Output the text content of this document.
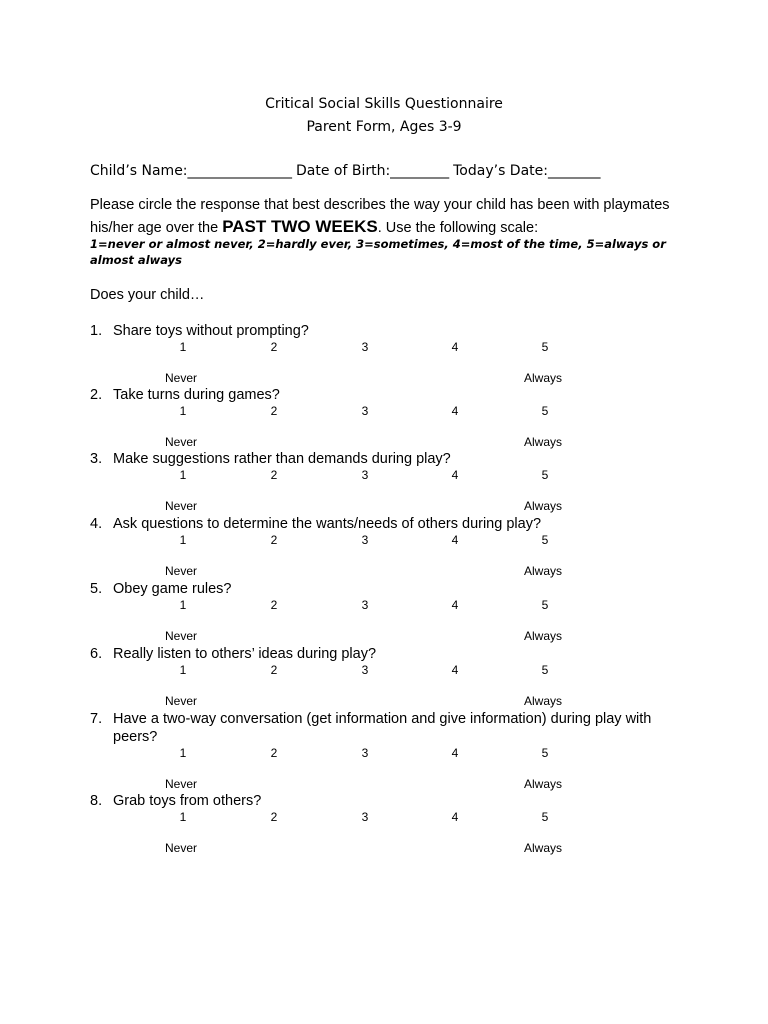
Critical Social Skills Questionnaire
Parent Form, Ages 3-9
Child’s Name:________________ Date of Birth:_________ Today’s Date:________
Please circle the response that best describes the way your child has been with playmates his/her age over the PAST TWO WEEKS. Use the following scale:
1=never or almost never, 2=hardly ever, 3=sometimes, 4=most of the time, 5=always or almost always
Does your child…
1. Share toys without prompting?
1	2	3	4	5
Never	Always
2. Take turns during games?
1	2	3	4	5
Never	Always
3. Make suggestions rather than demands during play?
1	2	3	4	5
Never	Always
4. Ask questions to determine the wants/needs of others during play?
1	2	3	4	5
Never	Always
5. Obey game rules?
1	2	3	4	5
Never	Always
6. Really listen to others’ ideas during play?
1	2	3	4	5
Never	Always
7. Have a two-way conversation (get information and give information) during play with peers?
1	2	3	4	5
Never	Always
8. Grab toys from others?
1	2	3	4	5
Never	Always
